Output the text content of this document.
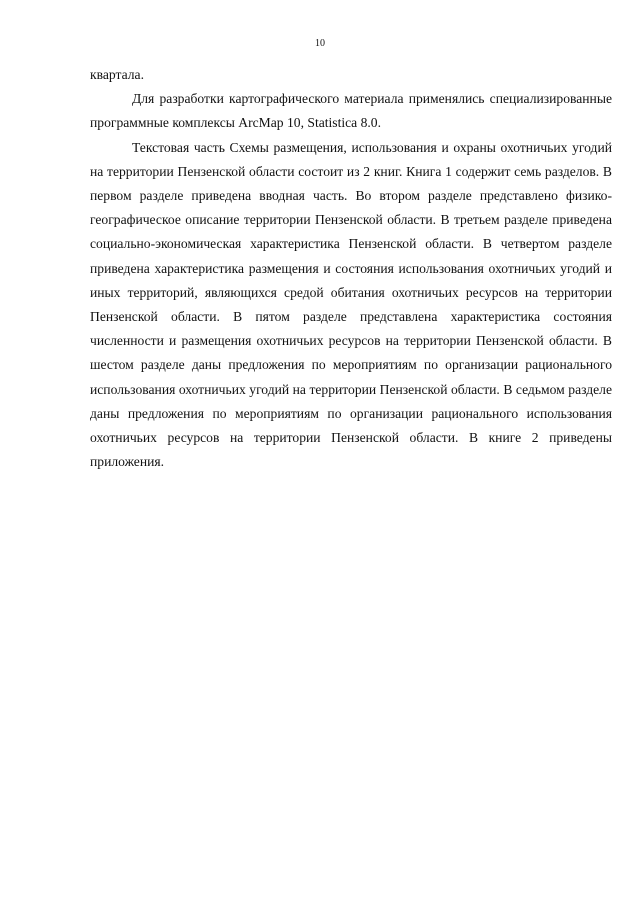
10

квартала.

Для разработки картографического материала применялись специализированные программные комплексы ArcMap 10, Statistica 8.0.

Текстовая часть Схемы размещения, использования и охраны охотничьих угодий на территории Пензенской области состоит из 2 книг. Книга 1 содержит семь разделов. В первом разделе приведена вводная часть. Во втором разделе представлено физико-географическое описание территории Пензенской области. В третьем разделе приведена социально-экономическая характеристика Пензенской области. В четвертом разделе приведена характеристика размещения и состояния использования охотничьих угодий и иных территорий, являющихся средой обитания охотничьих ресурсов на территории Пензенской области. В пятом разделе представлена характеристика состояния численности и размещения охотничьих ресурсов на территории Пензенской области. В шестом разделе даны предложения по мероприятиям по организации рационального использования охотничьих угодий на территории Пензенской области. В седьмом разделе даны предложения по мероприятиям по организации рационального использования охотничьих ресурсов на территории Пензенской области. В книге 2 приведены приложения.
